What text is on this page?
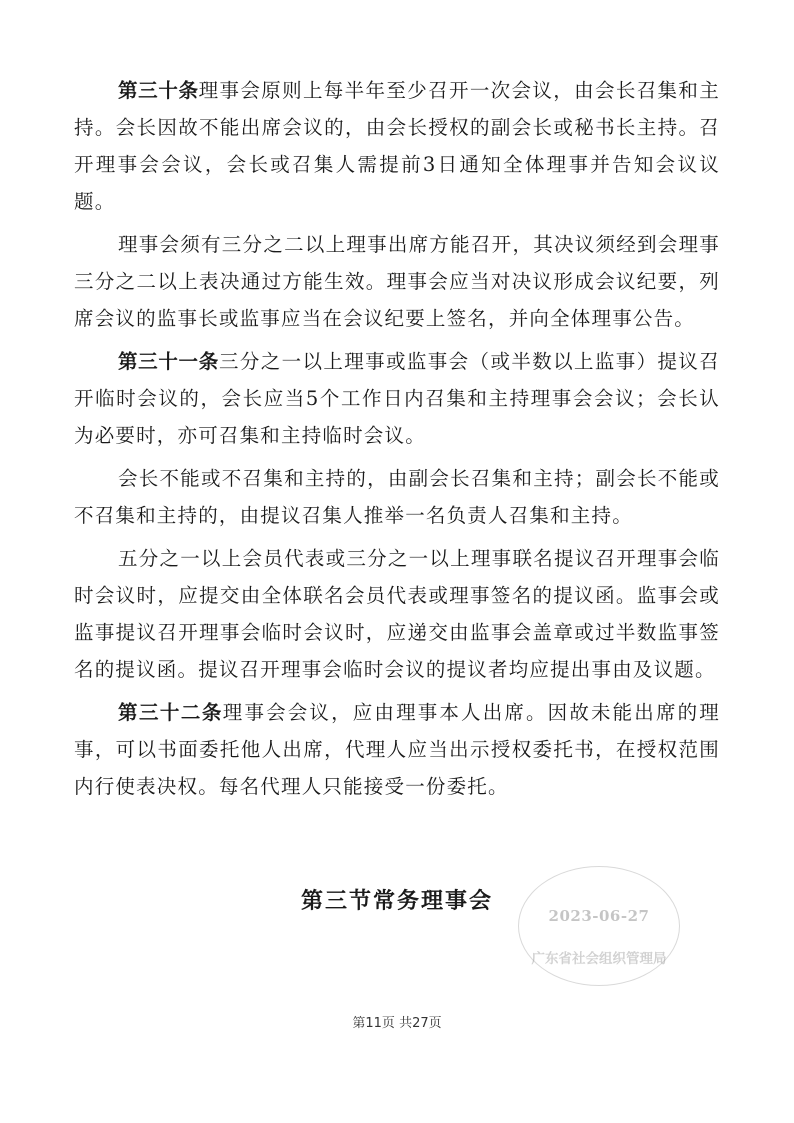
第三十条理事会原则上每半年至少召开一次会议，由会长召集和主持。会长因故不能出席会议的，由会长授权的副会长或秘书长主持。召开理事会会议，会长或召集人需提前3日通知全体理事并告知会议议题。

理事会须有三分之二以上理事出席方能召开，其决议须经到会理事三分之二以上表决通过方能生效。理事会应当对决议形成会议纪要，列席会议的监事长或监事应当在会议纪要上签名，并向全体理事公告。

第三十一条三分之一以上理事或监事会（或半数以上监事）提议召开临时会议的，会长应当5个工作日内召集和主持理事会会议；会长认为必要时，亦可召集和主持临时会议。

会长不能或不召集和主持的，由副会长召集和主持；副会长不能或不召集和主持的，由提议召集人推举一名负责人召集和主持。

五分之一以上会员代表或三分之一以上理事联名提议召开理事会临时会议时，应提交由全体联名会员代表或理事签名的提议函。监事会或监事提议召开理事会临时会议时，应递交由监事会盖章或过半数监事签名的提议函。提议召开理事会临时会议的提议者均应提出事由及议题。

第三十二条理事会会议，应由理事本人出席。因故未能出席的理事，可以书面委托他人出席，代理人应当出示授权委托书，在授权范围内行使表决权。每名代理人只能接受一份委托。

第三节常务理事会
2023-06-27
广东省社会组织管理局

第11页 共27页
